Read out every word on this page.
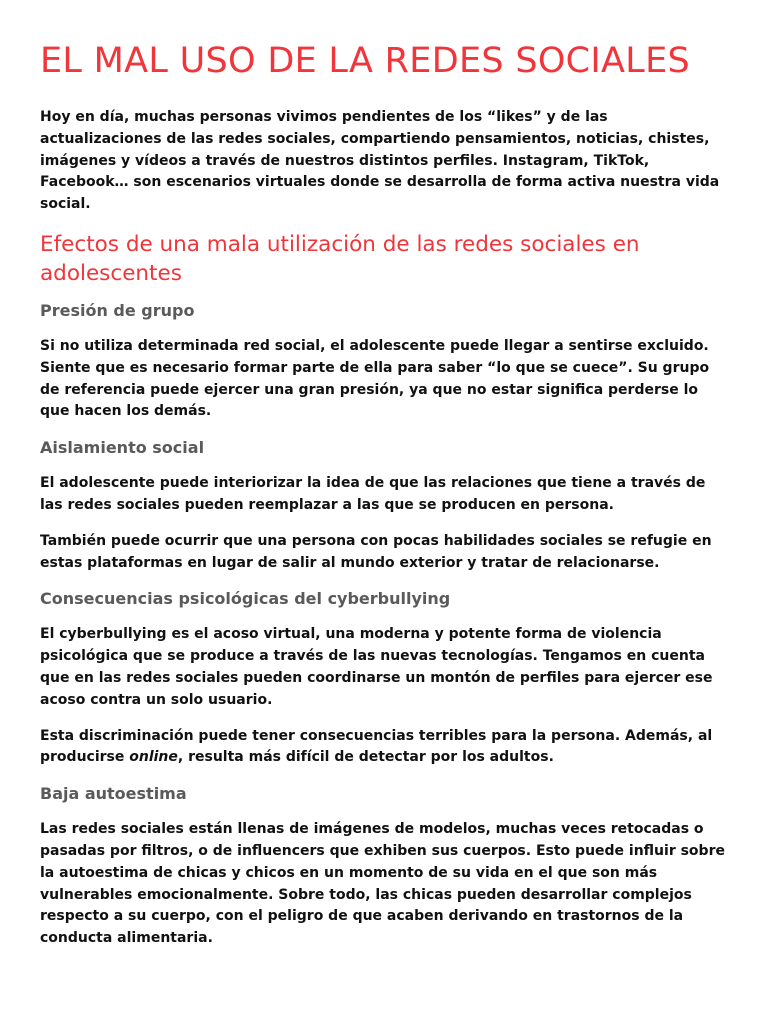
EL MAL USO DE LA REDES SOCIALES

Hoy en día, muchas personas vivimos pendientes de los “likes” y de las actualizaciones de las redes sociales, compartiendo pensamientos, noticias, chistes, imágenes y vídeos a través de nuestros distintos perfiles. Instagram, TikTok, Facebook… son escenarios virtuales donde se desarrolla de forma activa nuestra vida social.

Efectos de una mala utilización de las redes sociales en adolescentes
Presión de grupo

Si no utiliza determinada red social, el adolescente puede llegar a sentirse excluido. Siente que es necesario formar parte de ella para saber “lo que se cuece”. Su grupo de referencia puede ejercer una gran presión, ya que no estar significa perderse lo que hacen los demás.

Aislamiento social

El adolescente puede interiorizar la idea de que las relaciones que tiene a través de las redes sociales pueden reemplazar a las que se producen en persona.

También puede ocurrir que una persona con pocas habilidades sociales se refugie en estas plataformas en lugar de salir al mundo exterior y tratar de relacionarse.

Consecuencias psicológicas del cyberbullying

El cyberbullying es el acoso virtual, una moderna y potente forma de violencia psicológica que se produce a través de las nuevas tecnologías. Tengamos en cuenta que en las redes sociales pueden coordinarse un montón de perfiles para ejercer ese acoso contra un solo usuario.

Esta discriminación puede tener consecuencias terribles para la persona. Además, al producirse online, resulta más difícil de detectar por los adultos.

Baja autoestima

Las redes sociales están llenas de imágenes de modelos, muchas veces retocadas o pasadas por filtros, o de influencers que exhiben sus cuerpos. Esto puede influir sobre la autoestima de chicas y chicos en un momento de su vida en el que son más vulnerables emocionalmente. Sobre todo, las chicas pueden desarrollar complejos respecto a su cuerpo, con el peligro de que acaben derivando en trastornos de la conducta alimentaria.
